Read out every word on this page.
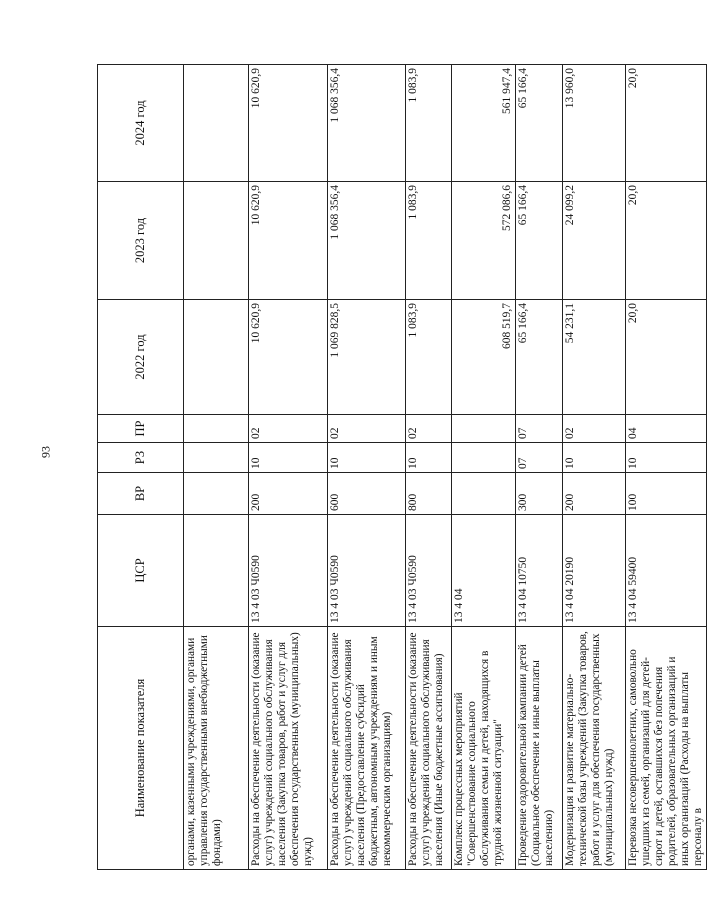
93
Наименование показателя	ЦСР	ВР	РЗ	ПР	2022 год	2023 год	2024 год
органами, казенными учреждениями, органами управления государственными внебюджетными фондами)							
Расходы на обеспечение деятельности (оказание услуг) учреждений социального обслуживания населения (Закупка товаров, работ и услуг для обеспечения государственных (муниципальных) нужд)	13 4 03 Ч0590	200	10	02	10 620,9	10 620,9	10 620,9
Расходы на обеспечение деятельности (оказание услуг) учреждений социального обслуживания населения (Предоставление субсидий бюджетным, автономным учреждениям и иным некоммерческим организациям)	13 4 03 Ч0590	600	10	02	1 069 828,5	1 068 356,4	1 068 356,4
Расходы на обеспечение деятельности (оказание услуг) учреждений социального обслуживания населения (Иные бюджетные ассигнования)	13 4 03 Ч0590	800	10	02	1 083,9	1 083,9	1 083,9
Комплекс процессных мероприятий "Совершенствование социального обслуживания семьи и детей, находящихся в трудной жизненной ситуации"	13 4 04				608 519,7	572 086,6	561 947,4
Проведение оздоровительной кампании детей (Социальное обеспечение и иные выплаты населению)	13 4 04 10750	300	07	07	65 166,4	65 166,4	65 166,4
Модернизация и развитие материально-технической базы учреждений (Закупка товаров, работ и услуг для обеспечения государственных (муниципальных) нужд)	13 4 04 20190	200	10	02	54 231,1	24 099,2	13 960,0
Перевозка несовершеннолетних, самовольно ушедших из семей, организаций для детей-сирот и детей, оставшихся без попечения родителей, образовательных организаций и иных организаций (Расходы на выплаты персоналу в	13 4 04 59400	100	10	04	20,0	20,0	20,0
